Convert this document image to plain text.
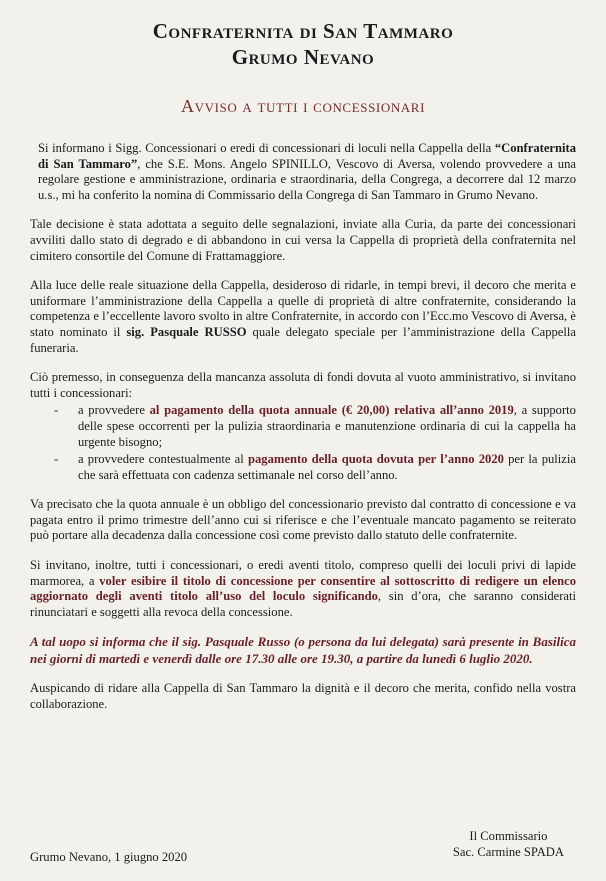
Confraternita di San Tammaro
Grumo Nevano
Avviso a tutti i concessionari

Si informano i Sigg. Concessionari o eredi di concessionari di loculi nella Cappella della “Confraternita di San Tammaro”, che S.E. Mons. Angelo SPINILLO, Vescovo di Aversa, volendo provvedere a una regolare gestione e amministrazione, ordinaria e straordinaria, della Congrega, a decorrere dal 12 marzo u.s., mi ha conferito la nomina di Commissario della Congrega di San Tammaro in Grumo Nevano.

Tale decisione è stata adottata a seguito delle segnalazioni, inviate alla Curia, da parte dei concessionari avviliti dallo stato di degrado e di abbandono in cui versa la Cappella di proprietà della confraternita nel cimitero consortile del Comune di Frattamaggiore.

Alla luce delle reale situazione della Cappella, desideroso di ridarle, in tempi brevi, il decoro che merita e uniformare l’amministrazione della Cappella a quelle di proprietà di altre confraternite, considerando la competenza e l’eccellente lavoro svolto in altre Confraternite, in accordo con l’Ecc.mo Vescovo di Aversa, è stato nominato il sig. Pasquale RUSSO quale delegato speciale per l’amministrazione della Cappella funeraria.

Ciò premesso, in conseguenza della mancanza assoluta di fondi dovuta al vuoto amministrativo, si invitano tutti i concessionari:

- a provvedere al pagamento della quota annuale (€ 20,00) relativa all’anno 2019, a supporto delle spese occorrenti per la pulizia straordinaria e manutenzione ordinaria di cui la cappella ha urgente bisogno;
- a provvedere contestualmente al pagamento della quota dovuta per l’anno 2020 per la pulizia che sarà effettuata con cadenza settimanale nel corso dell’anno.

Va precisato che la quota annuale è un obbligo del concessionario previsto dal contratto di concessione e va pagata entro il primo trimestre dell’anno cui si riferisce e che l’eventuale mancato pagamento se reiterato può portare alla decadenza dalla concessione così come previsto dallo statuto delle confraternite.

Si invitano, inoltre, tutti i concessionari, o eredi aventi titolo, compreso quelli dei loculi privi di lapide marmorea, a voler esibire il titolo di concessione per consentire al sottoscritto di redigere un elenco aggiornato degli aventi titolo all’uso del loculo significando, sin d’ora, che saranno considerati rinunciatari e soggetti alla revoca della concessione.

A tal uopo si informa che il sig. Pasquale Russo (o persona da lui delegata) sarà presente in Basilica nei giorni di martedì e venerdì dalle ore 17.30 alle ore 19.30, a partire da lunedì 6 luglio 2020.

Auspicando di ridare alla Cappella di San Tammaro la dignità e il decoro che merita, confido nella vostra collaborazione.

Grumo Nevano, 1 giugno 2020
Il Commissario
Sac. Carmine SPADA
